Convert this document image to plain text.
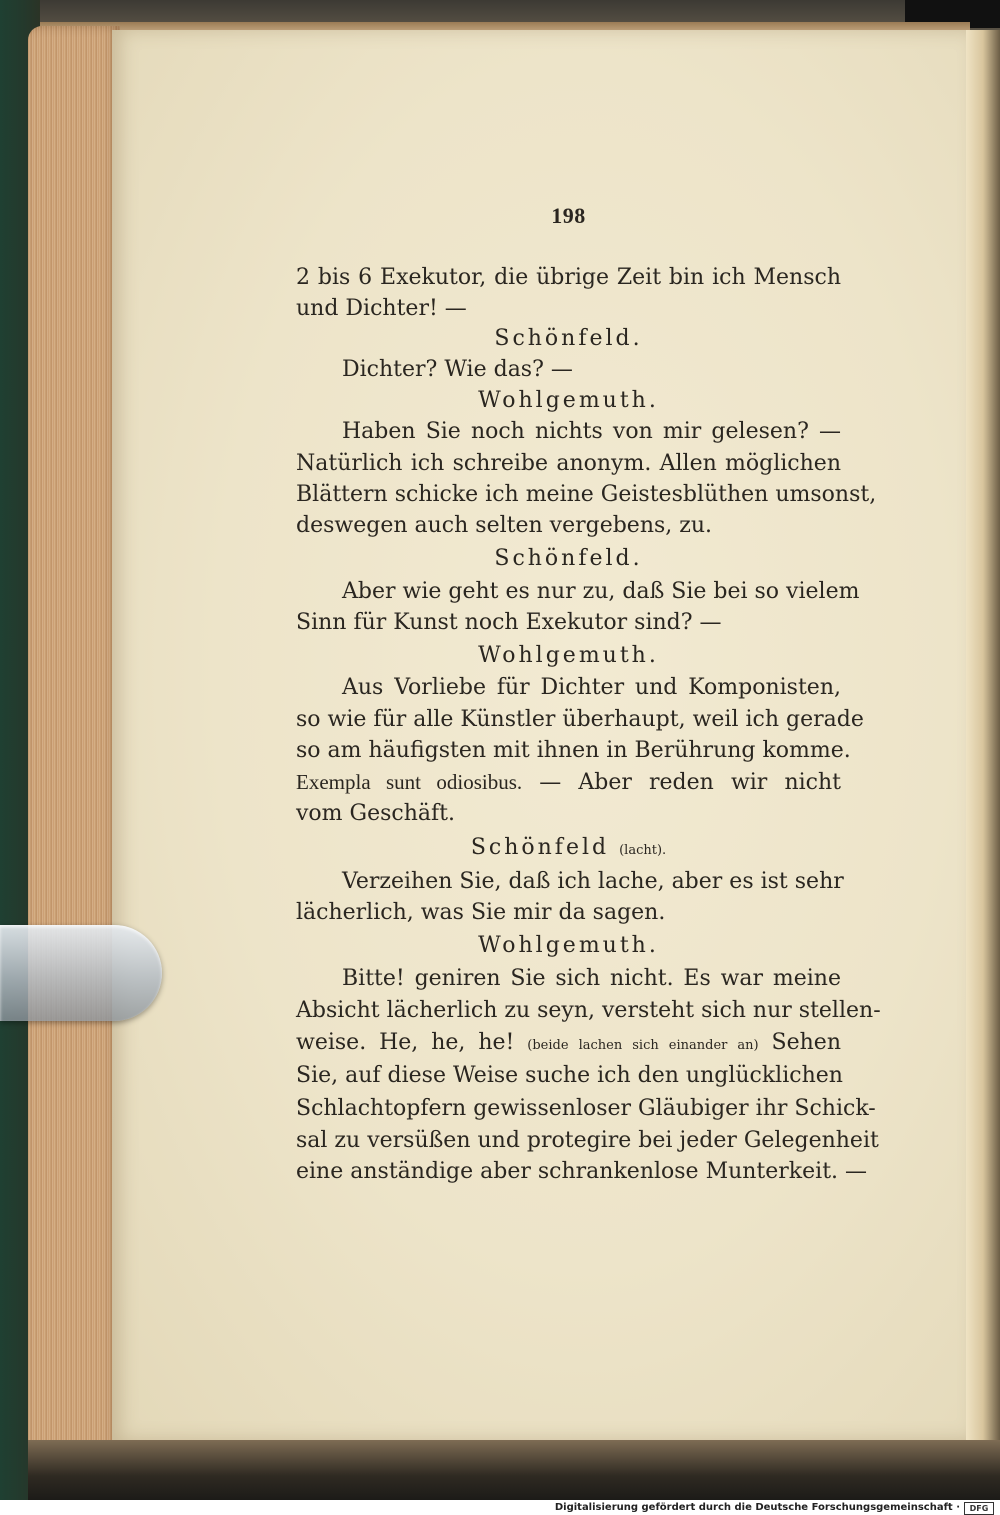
198
2 bis 6 Exekutor, die übrige Zeit bin ich Mensch
und Dichter! —
Schönfeld.
Dichter? Wie das? —
Wohlgemuth.
Haben Sie noch nichts von mir gelesen? —
Natürlich ich schreibe anonym. Allen möglichen
Blättern schicke ich meine Geistesblüthen umsonst,
deswegen auch selten vergebens, zu.
Schönfeld.
Aber wie geht es nur zu, daß Sie bei so vielem
Sinn für Kunst noch Exekutor sind? —
Wohlgemuth.
Aus Vorliebe für Dichter und Komponisten,
so wie für alle Künstler überhaupt, weil ich gerade
so am häufigsten mit ihnen in Berührung komme.
Exempla sunt odiosibus. — Aber reden wir nicht
vom Geschäft.
Schönfeld (lacht).
Verzeihen Sie, daß ich lache, aber es ist sehr
lächerlich, was Sie mir da sagen.
Wohlgemuth.
Bitte! geniren Sie sich nicht. Es war meine
Absicht lächerlich zu seyn, versteht sich nur stellen-
weise. He, he, he! (beide lachen sich einander an) Sehen
Sie, auf diese Weise suche ich den unglücklichen
Schlachtopfern gewissenloser Gläubiger ihr Schick-
sal zu versüßen und protegire bei jeder Gelegenheit
eine anständige aber schrankenlose Munterkeit. —
Digitalisierung gefördert durch die Deutsche Forschungsgemeinschaft ·	DFG
